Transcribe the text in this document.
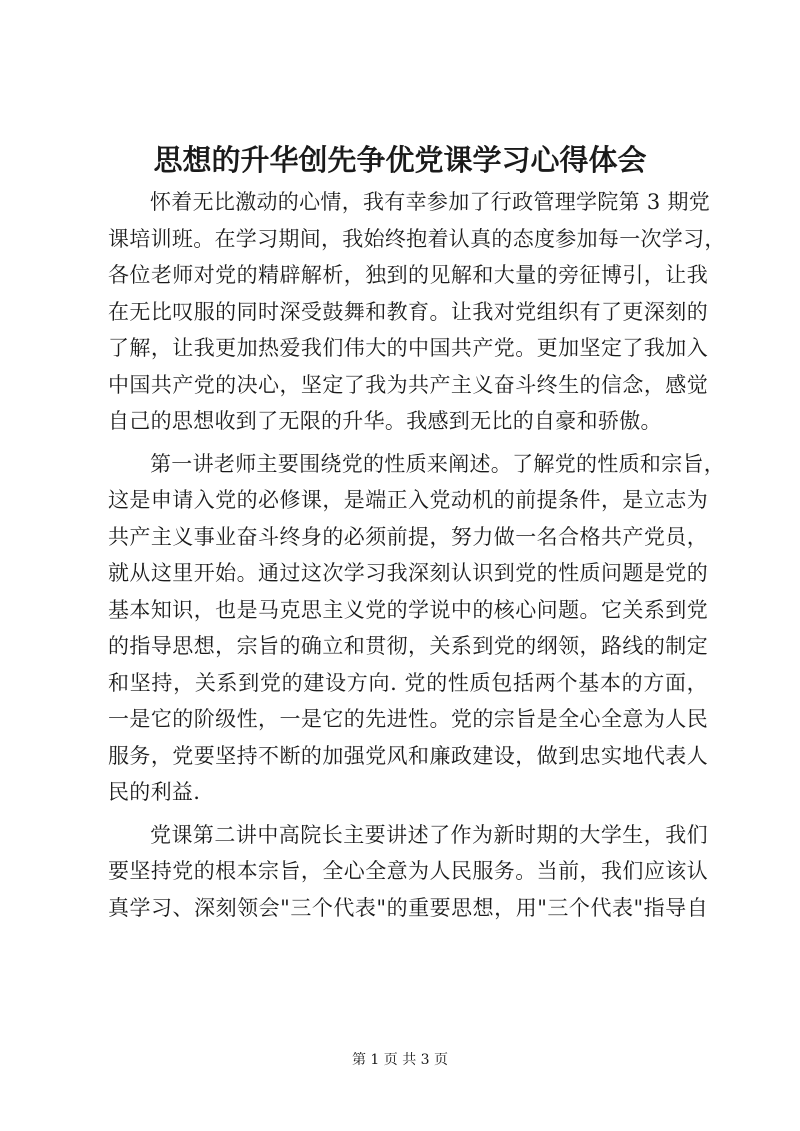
思想的升华创先争优党课学习心得体会
怀着无比激动的心情，我有幸参加了行政管理学院第 3 期党
课培训班。在学习期间，我始终抱着认真的态度参加每一次学习，
各位老师对党的精辟解析，独到的见解和大量的旁征博引，让我
在无比叹服的同时深受鼓舞和教育。让我对党组织有了更深刻的
了解，让我更加热爱我们伟大的中国共产党。更加坚定了我加入
中国共产党的决心，坚定了我为共产主义奋斗终生的信念，感觉
自己的思想收到了无限的升华。我感到无比的自豪和骄傲。
第一讲老师主要围绕党的性质来阐述。了解党的性质和宗旨，
这是申请入党的必修课，是端正入党动机的前提条件，是立志为
共产主义事业奋斗终身的必须前提，努力做一名合格共产党员，
就从这里开始。通过这次学习我深刻认识到党的性质问题是党的
基本知识，也是马克思主义党的学说中的核心问题。它关系到党
的指导思想，宗旨的确立和贯彻，关系到党的纲领，路线的制定
和坚持，关系到党的建设方向. 党的性质包括两个基本的方面，
一是它的阶级性，一是它的先进性。党的宗旨是全心全意为人民
服务，党要坚持不断的加强党风和廉政建设，做到忠实地代表人
民的利益.
党课第二讲中高院长主要讲述了作为新时期的大学生，我们
要坚持党的根本宗旨，全心全意为人民服务。当前，我们应该认
真学习、深刻领会"三个代表"的重要思想，用"三个代表"指导自
第 1 页 共 3 页
